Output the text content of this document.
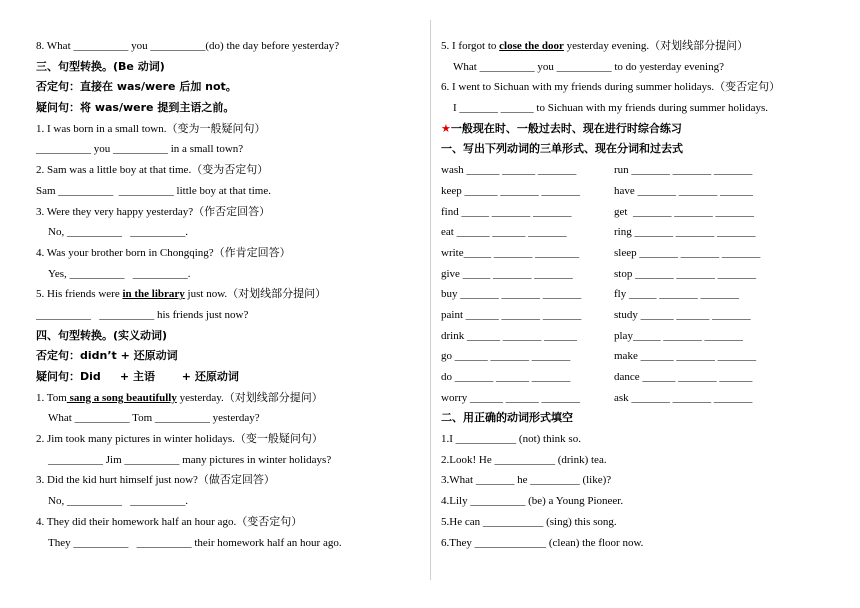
8. What __________ you __________(do) the day before yesterday?
三、句型转换。(Be 动词)
否定句：直接在 was/were 后加 not。
疑问句：将 was/were 提到主语之前。
1. I was born in a small town.（变为一般疑问句）
__________ you __________ in a small town?
2. Sam was a little boy at that time.（变为否定句）
Sam __________  __________ little boy at that time.
3. Were they very happy yesterday?（作否定回答）
No, __________   __________.
4. Was your brother born in Chongqing?（作肯定回答）
Yes, __________   __________.
5. His friends were in the library just now.（对划线部分提问）
__________   __________ his friends just now?
四、句型转换。(实义动词)
否定句：didn’t + 还原动词
疑问句：Did     + 主语       + 还原动词
1. Tom sang a song beautifully yesterday.（对划线部分提问）
What __________ Tom __________ yesterday?
2. Jim took many pictures in winter holidays.（变一般疑问句）
__________ Jim __________ many pictures in winter holidays?
3. Did the kid hurt himself just now?（做否定回答）
No, __________   __________.
4. They did their homework half an hour ago.（变否定句）
They __________   __________ their homework half an hour ago.
5. I forgot to close the door yesterday evening.（对划线部分提问）
What __________ you __________ to do yesterday evening?
6. I went to Sichuan with my friends during summer holidays.（变否定句）
I _______ ______ to Sichuan with my friends during summer holidays.
★一般现在时、一般过去时、现在进行时综合练习
一、写出下列动词的三单形式、现在分词和过去式
wash ______ ______ _______	run _______ _______ _______
keep ______ _______ _______	have _______ _______ ______
find _____ _______ _______	get  _______ _______ _______
eat ______ ______ _______	ring _______ _______ _______
write_____ _______ ________	sleep _______ _______ _______
give _____ _______ _______	stop _______ _______ _______
buy _______ _______ _______	fly _____ _______ _______
paint ______ _______ _______	study ______ ______ _______
drink ______ _______ ______	play_____ _______ _______
go ______ _______ _______	make ______ _______ _______
do _______ ______ _______	dance ______ _______ ______
worry ______ ______ _______	ask _______ _______ _______
二、用正确的动词形式填空
1.I ___________ (not) think so.
2.Look! He ___________ (drink) tea.
3.What _______ he _________ (like)?
4.Lily __________ (be) a Young Pioneer.
5.He can ___________ (sing) this song.
6.They _____________ (clean) the floor now.
